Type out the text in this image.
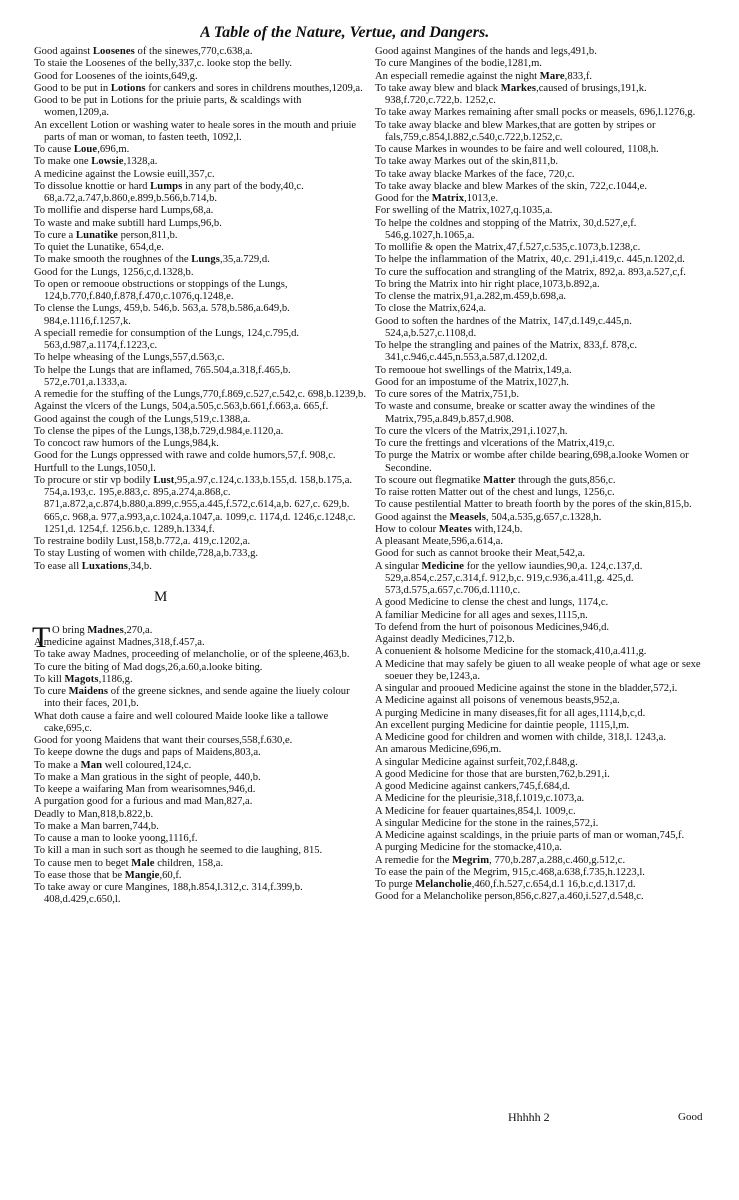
A Table of the Nature, Vertue, and Dangers.

Good against Loosenes of the sinewes,770,c.638,a.

To staie the Loosenes of the belly,337,c. looke stop the belly.

Good for Loosenes of the ioints,649,g.

Good to be put in Lotions for cankers and sores in childrens mouthes,1209,a.

Good to be put in Lotions for the priuie parts, & scaldings with women,1209,a.

An excellent Lotion or washing water to heale sores in the mouth and priuie parts of man or woman, to fasten teeth, 1092,l.

To cause Loue,696,m.

To make one Lowsie,1328,a.

A medicine against the Lowsie euill,357,c.

To dissolue knottie or hard Lumps in any part of the body,40,c. 68,a.72,a.747,b.860,e.899,b.566,b.714,b.

To mollifie and disperse hard Lumps,68,a.

To waste and make subtill hard Lumps,96,b.

To cure a Lunatike person,811,b.

To quiet the Lunatike, 654,d,e.

To make smooth the roughnes of the Lungs,35,a.729,d.

Good for the Lungs, 1256,c,d.1328,b.

To open or remooue obstructions or stoppings of the Lungs, 124,b.770,f.840,f.878,f.470,c.1076,q.1248,e.

To clense the Lungs, 459,b. 546,b. 563,a. 578,b.586,a.649,b. 984,e.1116,f.1257,k.

A speciall remedie for consumption of the Lungs, 124,c.795,d. 563,d.987,a.1174,f.1223,c.

To helpe wheasing of the Lungs,557,d.563,c.

To helpe the Lungs that are inflamed, 765.504,a.318,f.465,b. 572,e.701,a.1333,a.

A remedie for the stuffing of the Lungs,770,f.869,c.527,c.542,c. 698,b.1239,b.

Against the vlcers of the Lungs, 504,a.505,c.563,b.661,f.663,a. 665,f.

Good against the cough of the Lungs,519,c.1388,a.

To clense the pipes of the Lungs,138,b.729,d.984,e.1120,a.

To concoct raw humors of the Lungs,984,k.

Good for the Lungs oppressed with rawe and colde humors,57,f. 908,c.

Hurtfull to the Lungs,1050,l.

To procure or stir vp bodily Lust,95,a.97,c.124,c.133,b.155,d. 158,b.175,a. 754,a.193,c. 195,e.883,c. 895,a.274,a.868,c. 871,a.872,a,c.874,b.880,a.899,c.955,a.445,f.572,c.614,a,b. 627,c. 629,b. 665,c. 968,a. 977,a.993,a,c.1024,a.1047,a. 1099,c. 1174,d. 1246,c.1248,c. 1251,d. 1254,f. 1256.b,c. 1289,h.1334,f.

To restraine bodily Lust,158,b.772,a. 419,c.1202,a.

To stay Lusting of women with childe,728,a,b.733,g.

To ease all Luxations,34,b.

M

T O bring Madnes,270,a.

A medicine against Madnes,318,f.457,a.

To take away Madnes, proceeding of melancholie, or of the spleene,463,b.

To cure the biting of Mad dogs,26,a.60,a.looke biting.

To kill Magots,1186,g.

To cure Maidens of the greene sicknes, and sende againe the liuely colour into their faces, 201,b.

What doth cause a faire and well coloured Maide looke like a tallowe cake,695,c.

Good for yoong Maidens that want their courses,558,f.630,e.

To keepe downe the dugs and paps of Maidens,803,a.

To make a Man well coloured,124,c.

To make a Man gratious in the sight of people, 440,b.

To keepe a waifaring Man from wearisomnes,946,d.

A purgation good for a furious and mad Man,827,a.

Deadly to Man,818,b.822,b.

To make a Man barren,744,b.

To cause a man to looke yoong,1116,f.

To kill a man in such sort as though he seemed to die laughing, 815.

To cause men to beget Male children, 158,a.

To ease those that be Mangie,60,f.

To take away or cure Mangines, 188,h.854,l.312,c. 314,f.399,b. 408,d.429,c.650,l.

Good against Mangines of the hands and legs,491,b.

To cure Mangines of the bodie,1281,m.

An especiall remedie against the night Mare,833,f.

To take away blew and black Markes,caused of brusings,191,k. 938,f.720,c.722,b. 1252,c.

To take away Markes remaining after small pocks or measels, 696,l.1276,g.

To take away blacke and blew Markes,that are gotten by stripes or fals,759,c.854,l.882,c.540,c.722,b.1252,c.

To cause Markes in woundes to be faire and well coloured, 1108,h.

To take away Markes out of the skin,811,b.

To take away blacke Markes of the face, 720,c.

To take away blacke and blew Markes of the skin, 722,c.1044,e.

Good for the Matrix,1013,e.

For swelling of the Matrix,1027,q.1035,a.

To helpe the coldnes and stopping of the Matrix, 30,d.527,e,f. 546,g.1027,h.1065,a.

To mollifie & open the Matrix,47,f.527,c.535,c.1073,b.1238,c.

To helpe the inflammation of the Matrix, 40,c. 291,i.419,c. 445,n.1202,d.

To cure the suffocation and strangling of the Matrix, 892,a. 893,a.527,c,f.

To bring the Matrix into hir right place,1073,b.892,a.

To clense the matrix,91,a.282,m.459,b.698,a.

To close the Matrix,624,a.

Good to soften the hardnes of the Matrix, 147,d.149,c.445,n. 524,a,b.527,c.1108,d.

To helpe the strangling and paines of the Matrix, 833,f. 878,c. 341,c.946,c.445,n.553,a.587,d.1202,d.

To remooue hot swellings of the Matrix,149,a.

Good for an impostume of the Matrix,1027,h.

To cure sores of the Matrix,751,b.

To waste and consume, breake or scatter away the windines of the Matrix,795,a.849,b.857,d.908.

To cure the vlcers of the Matrix,291,i.1027,h.

To cure the frettings and vlcerations of the Matrix,419,c.

To purge the Matrix or wombe after childe bearing,698,a.looke Women or Secondine.

To scoure out flegmatike Matter through the guts,856,c.

To raise rotten Matter out of the chest and lungs, 1256,c.

To cause pestilential Matter to breath foorth by the pores of the skin,815,b.

Good against the Measels, 504,a.535,g.657,c.1328,h.

How to colour Meates with,124,b.

A pleasant Meate,596,a.614,a.

Good for such as cannot brooke their Meat,542,a.

A singular Medicine for the yellow iaundies,90,a. 124,c.137,d. 529,a.854,c.257,c.314,f. 912,b,c. 919,c.936,a.411,g. 425,d. 573,d.575,a.657,c.706,d.1110,c.

A good Medicine to clense the chest and lungs, 1174,c.

A familiar Medicine for all ages and sexes,1115,n.

To defend from the hurt of poisonous Medicines,946,d.

Against deadly Medicines,712,b.

A conuenient & holsome Medicine for the stomack,410,a.411,g.

A Medicine that may safely be giuen to all weake people of what age or sexe soeuer they be,1243,a.

A singular and prooued Medicine against the stone in the bladder,572,i.

A Medicine against all poisons of venemous beasts,952,a.

A purging Medicine in many diseases,fit for all ages,1114,b,c,d.

An excellent purging Medicine for daintie people, 1115,l,m.

A Medicine good for children and women with childe, 318,l. 1243,a.

An amarous Medicine,696,m.

A singular Medicine against surfeit,702,f.848,g.

A good Medicine for those that are bursten,762,b.291,i.

A good Medicine against cankers,745,f.684,d.

A Medicine for the pleurisie,318,f.1019,c.1073,a.

A Medicine for feauer quartaines,854,l. 1009,c.

A singular Medicine for the stone in the raines,572,i.

A Medicine against scaldings, in the priuie parts of man or woman,745,f.

A purging Medicine for the stomacke,410,a.

A remedie for the Megrim, 770,b.287,a.288,c.460,g.512,c.

To ease the pain of the Megrim, 915,c.468,a.638,f.735,h.1223,l.

To purge Melancholie,460,f.h.527,c.654,d.1 16,b.c,d.1317,d.

Good for a Melancholike person,856,c.827,a.460,i.527,d.548,c.

Hhhhh 2	Good
